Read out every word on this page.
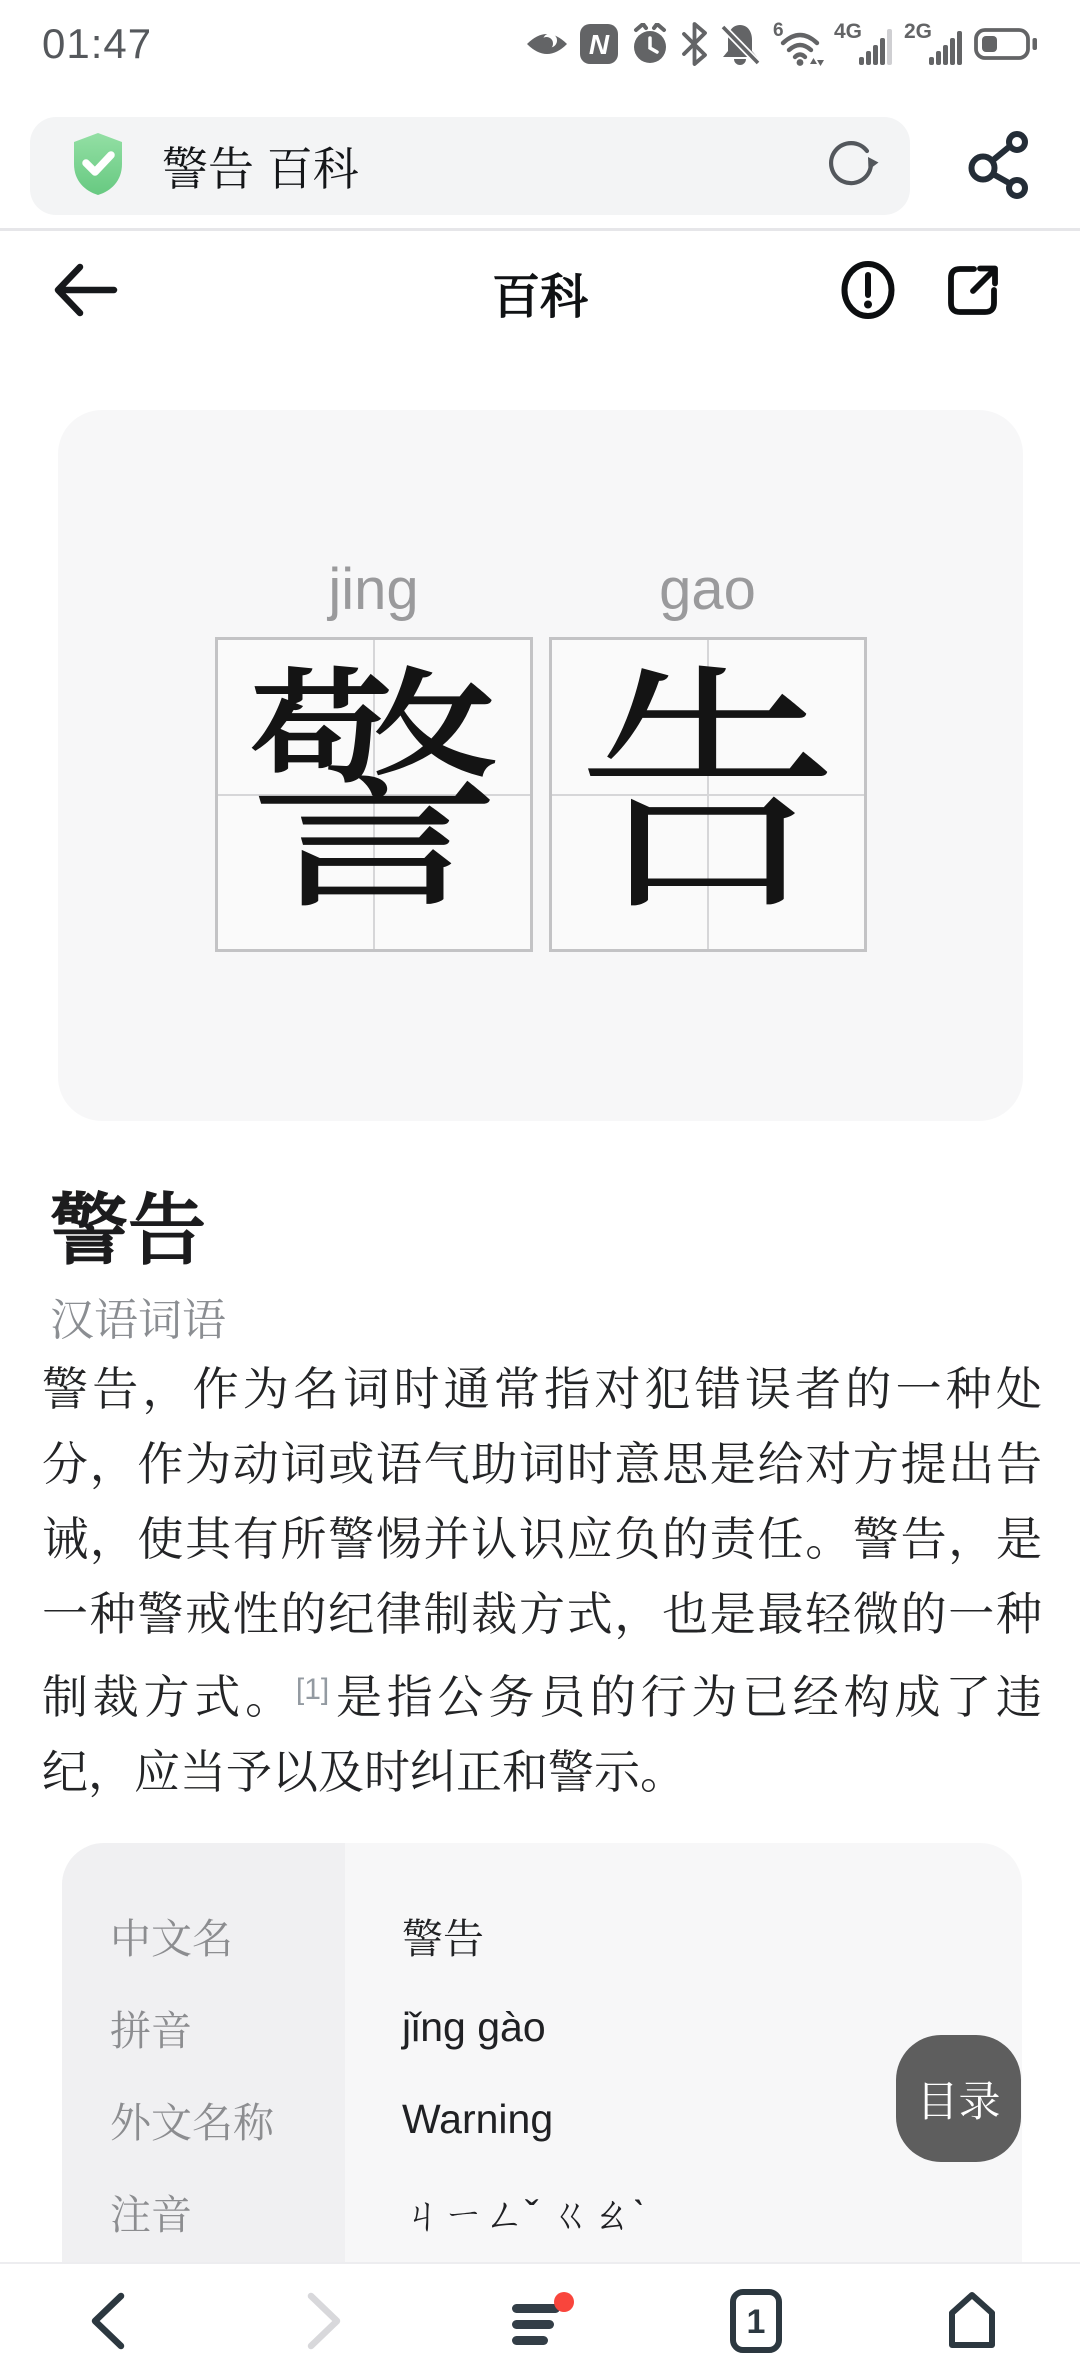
01:47	N	6 4G 2G
警告 百科
百科
jing
警
gao
告
警告
汉语词语
警告，作为名词时通常指对犯错误者的一种处分，作为动词或语气助词时意思是给对方提出告诫，使其有所警惕并认识应负的责任。警告，是一种警戒性的纪律制裁方式，也是最轻微的一种制裁方式。[1]是指公务员的行为已经构成了违纪，应当予以及时纠正和警示。
中文名	警告
拼音	jǐng gào
外文名称	Warning
注音	ㄐㄧㄥˇ ㄍㄠˋ
目录
1
